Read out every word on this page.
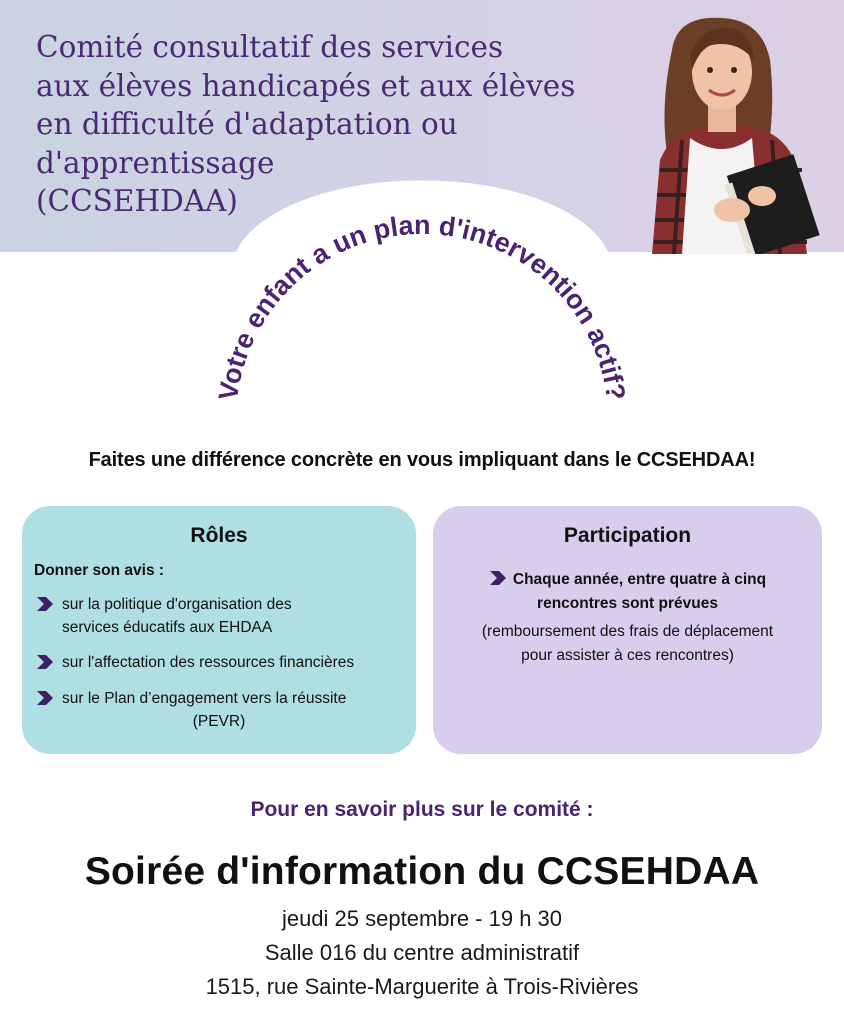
Comité consultatif des services
aux élèves handicapés et aux élèves
en difficulté d'adaptation ou
d'apprentissage
(CCSEHDAA)
Votre enfant a un plan d'intervention actif?
Faites une différence concrète en vous impliquant dans le CCSEHDAA!
Rôles
Donner son avis :
sur la politique d'organisation des
services éducatifs aux EHDAA
sur l'affectation des ressources financières
sur le Plan d’engagement vers la réussite
(PEVR)
Participation
Chaque année, entre quatre à cinq
rencontres sont prévues
(remboursement des frais de déplacement
pour assister à ces rencontres)
Pour en savoir plus sur le comité :
Soirée d'information du CCSEHDAA
jeudi 25 septembre - 19 h 30
Salle 016 du centre administratif
1515, rue Sainte-Marguerite à Trois-Rivières
